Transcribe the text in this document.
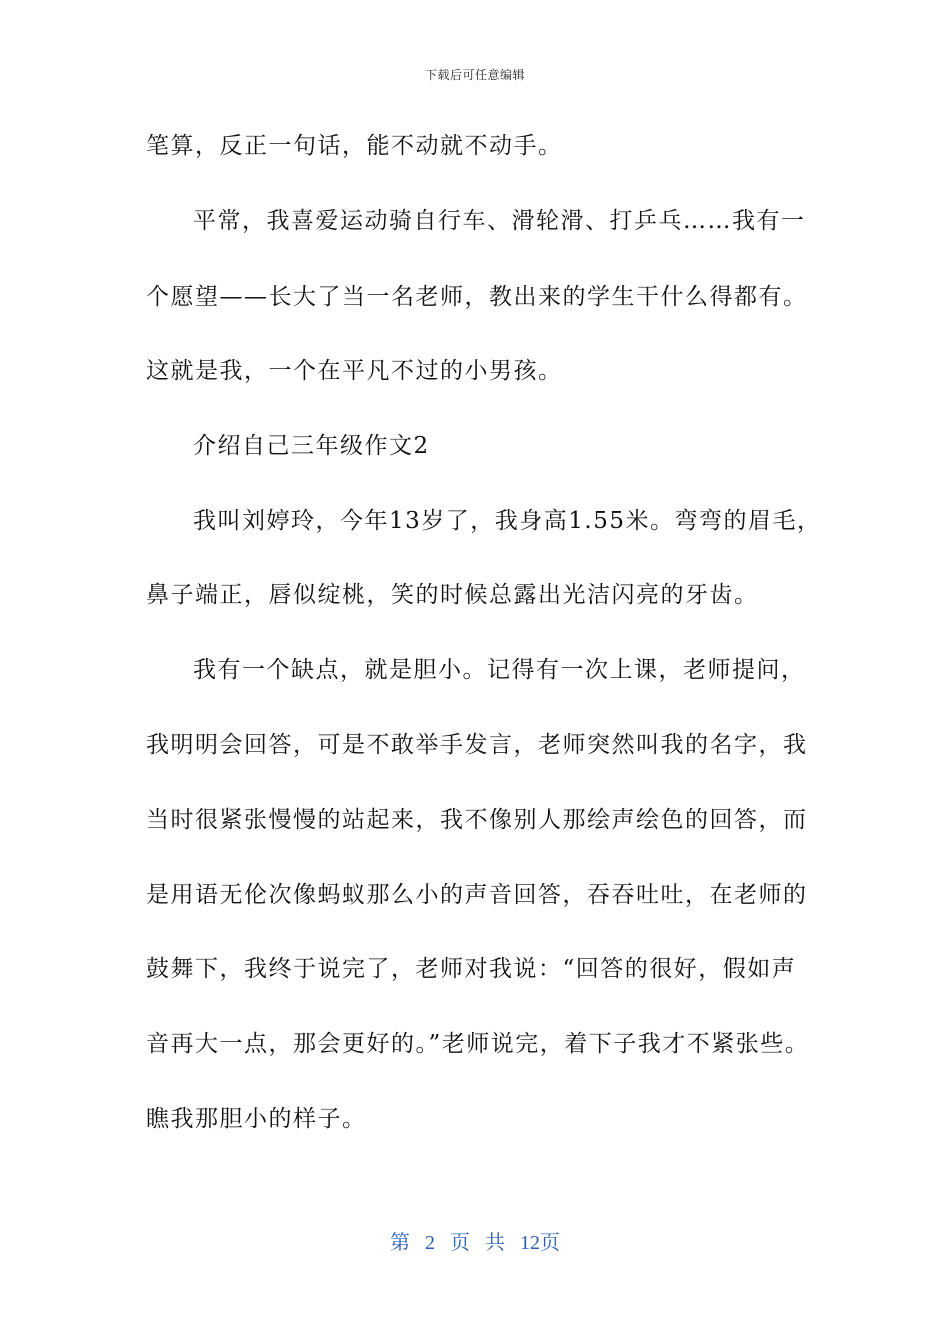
下载后可任意编辑
笔算，反正一句话，能不动就不动手。
平常，我喜爱运动骑自行车、滑轮滑、打乒乓……我有一
个愿望——长大了当一名老师，教出来的学生干什么得都有。
这就是我，一个在平凡不过的小男孩。
介绍自己三年级作文2
我叫刘婷玲，今年13岁了，我身高1.55米。弯弯的眉毛，
鼻子端正，唇似绽桃，笑的时候总露出光洁闪亮的牙齿。
我有一个缺点，就是胆小。记得有一次上课，老师提问，
我明明会回答，可是不敢举手发言，老师突然叫我的名字，我
当时很紧张慢慢的站起来，我不像别人那绘声绘色的回答，而
是用语无伦次像蚂蚁那么小的声音回答，吞吞吐吐，在老师的
鼓舞下，我终于说完了，老师对我说：“回答的很好，假如声
音再大一点，那会更好的。”老师说完，着下子我才不紧张些。
瞧我那胆小的样子。
第 2 页 共 12页
